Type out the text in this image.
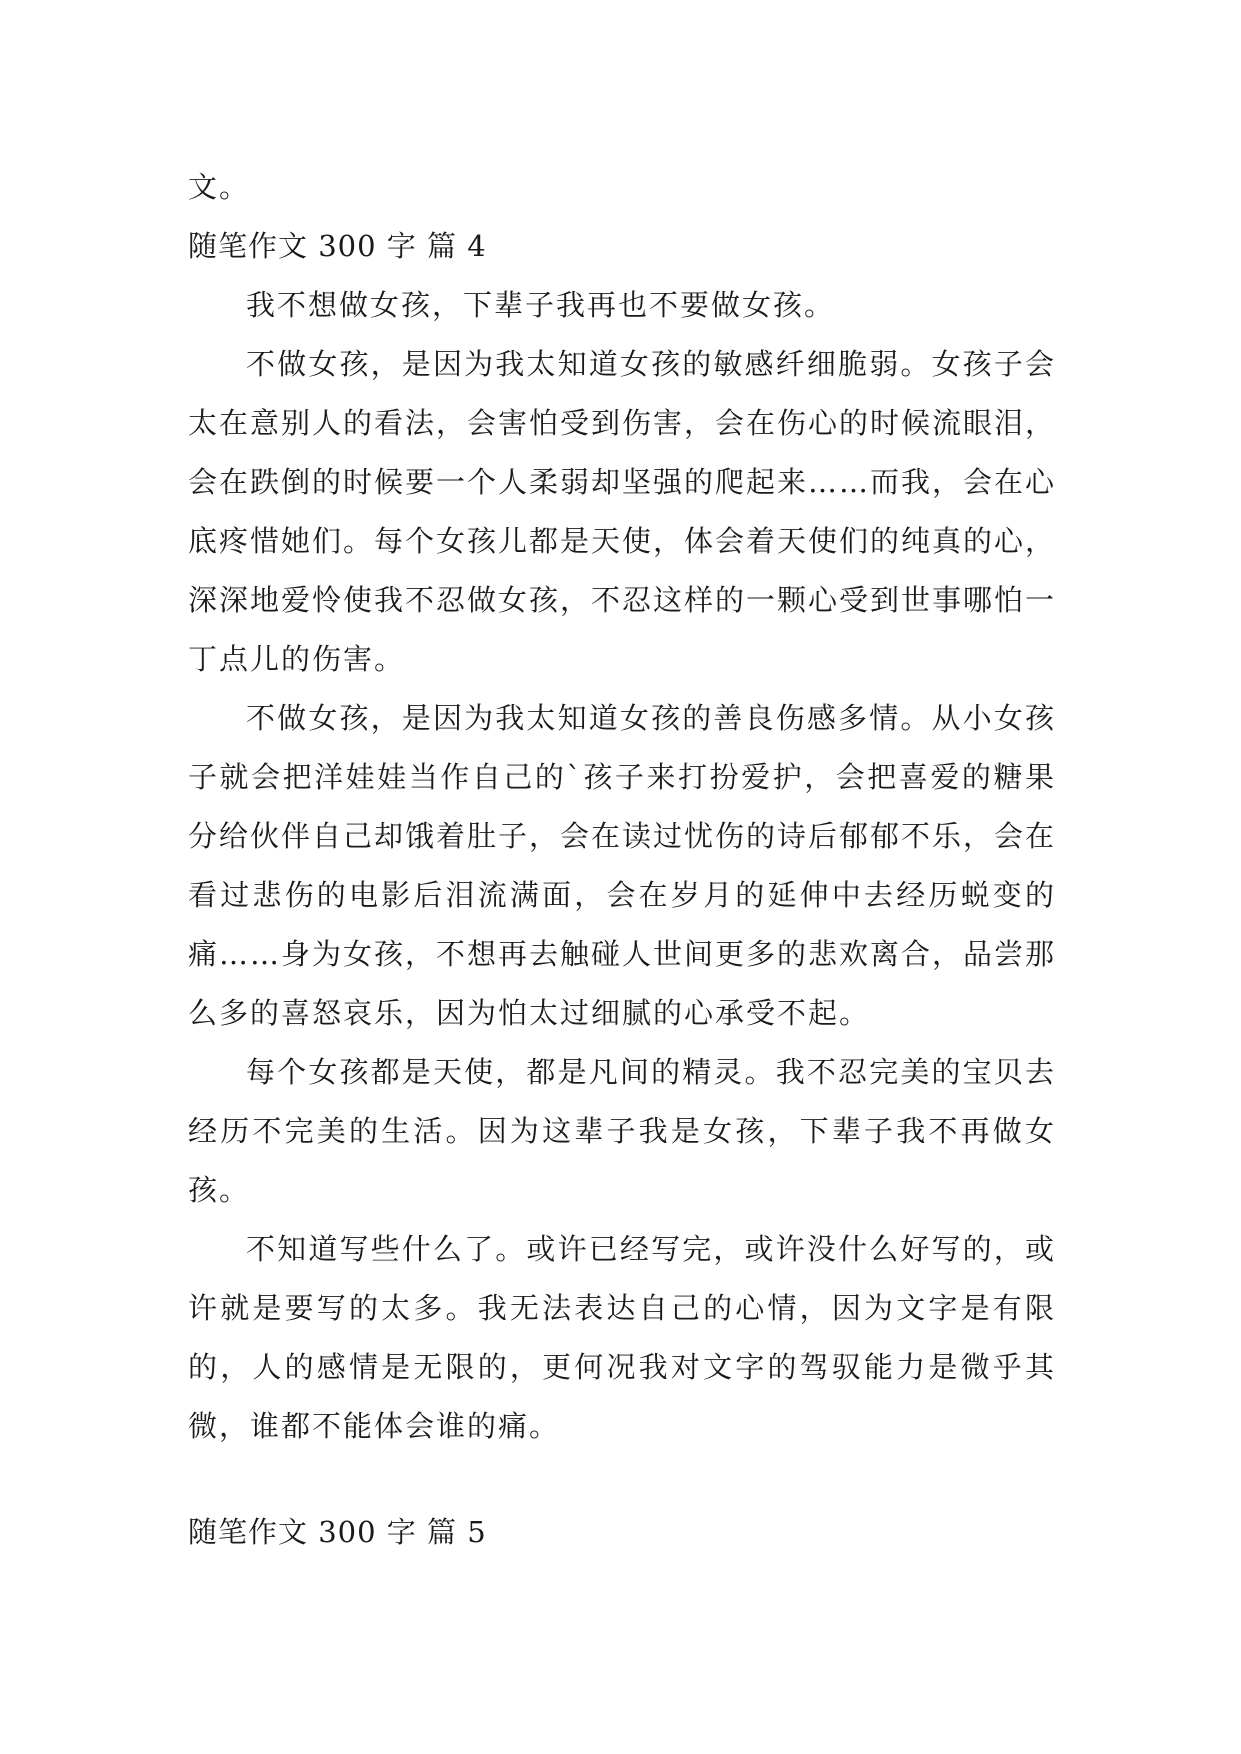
文。

随笔作文 300 字 篇 4

我不想做女孩，下辈子我再也不要做女孩。

不做女孩，是因为我太知道女孩的敏感纤细脆弱。女孩子会太在意别人的看法，会害怕受到伤害，会在伤心的时候流眼泪，会在跌倒的时候要一个人柔弱却坚强的爬起来……而我，会在心底疼惜她们。每个女孩儿都是天使，体会着天使们的纯真的心，深深地爱怜使我不忍做女孩，不忍这样的一颗心受到世事哪怕一丁点儿的伤害。

不做女孩，是因为我太知道女孩的善良伤感多情。从小女孩子就会把洋娃娃当作自己的`孩子来打扮爱护，会把喜爱的糖果分给伙伴自己却饿着肚子，会在读过忧伤的诗后郁郁不乐，会在看过悲伤的电影后泪流满面，会在岁月的延伸中去经历蜕变的痛……身为女孩，不想再去触碰人世间更多的悲欢离合，品尝那么多的喜怒哀乐，因为怕太过细腻的心承受不起。

每个女孩都是天使，都是凡间的精灵。我不忍完美的宝贝去经历不完美的生活。因为这辈子我是女孩，下辈子我不再做女孩。

不知道写些什么了。或许已经写完，或许没什么好写的，或许就是要写的太多。我无法表达自己的心情，因为文字是有限的，人的感情是无限的，更何况我对文字的驾驭能力是微乎其微，谁都不能体会谁的痛。

随笔作文 300 字 篇 5
